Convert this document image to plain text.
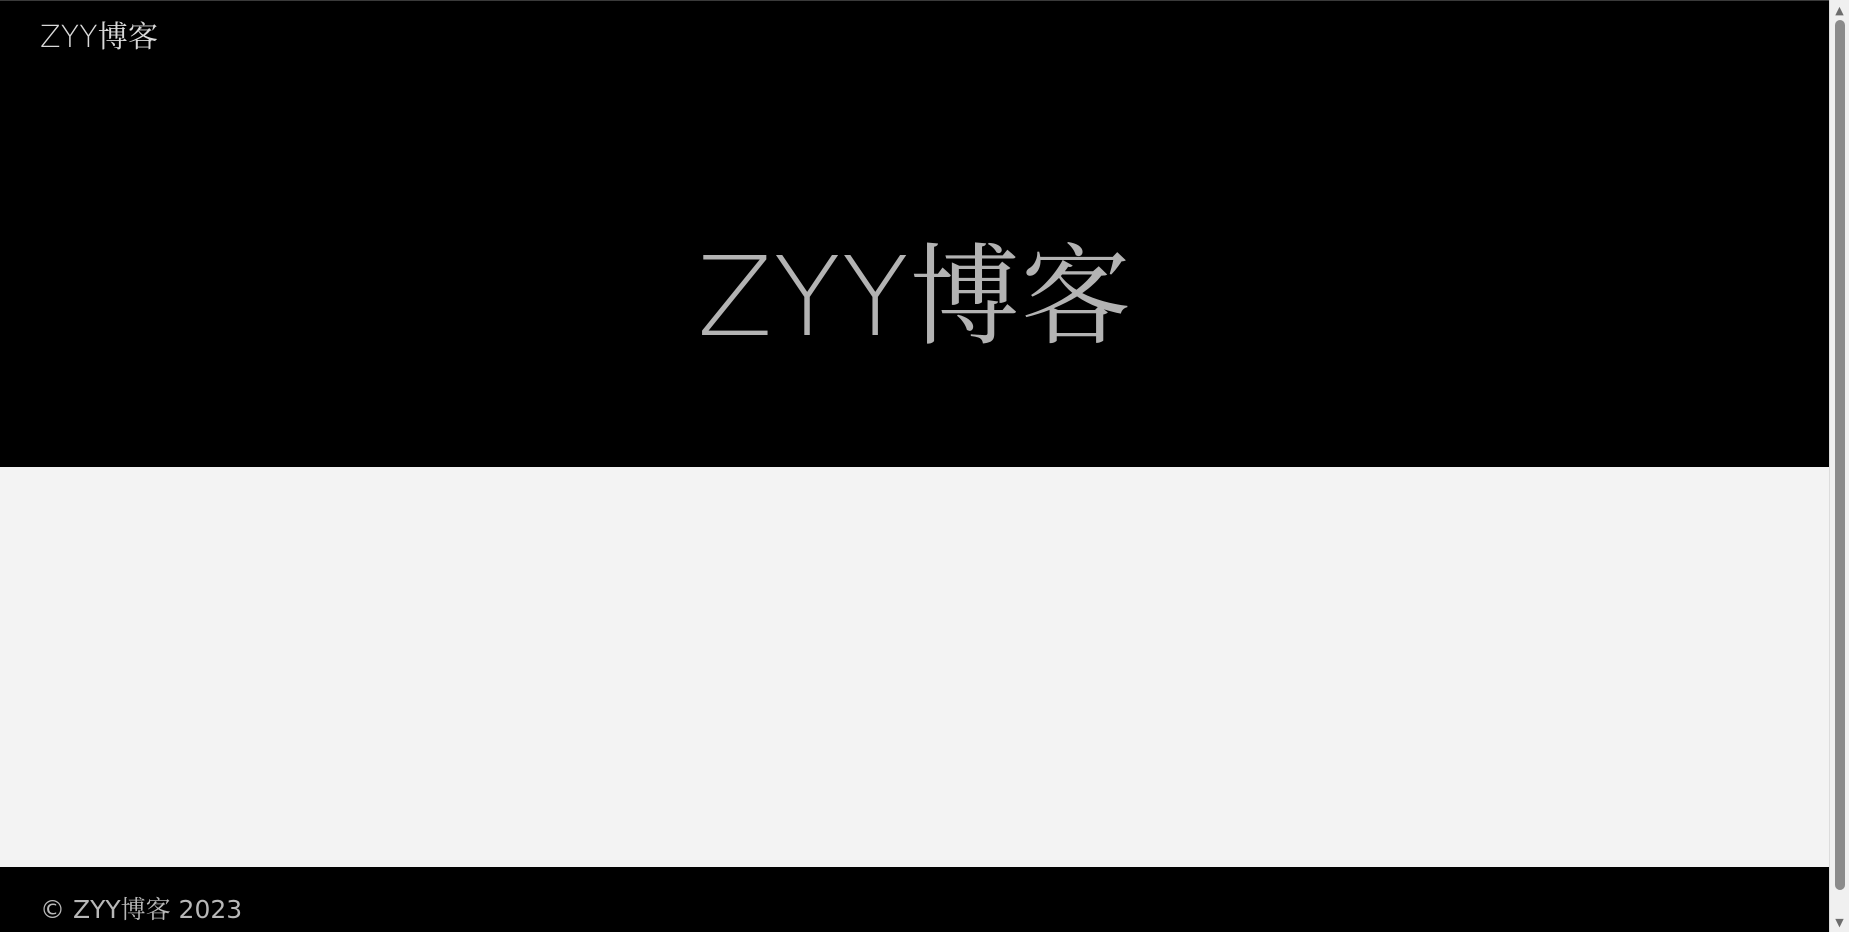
ZYY博客
ZYY博客
© ZYY博客 2023
▲
▼
